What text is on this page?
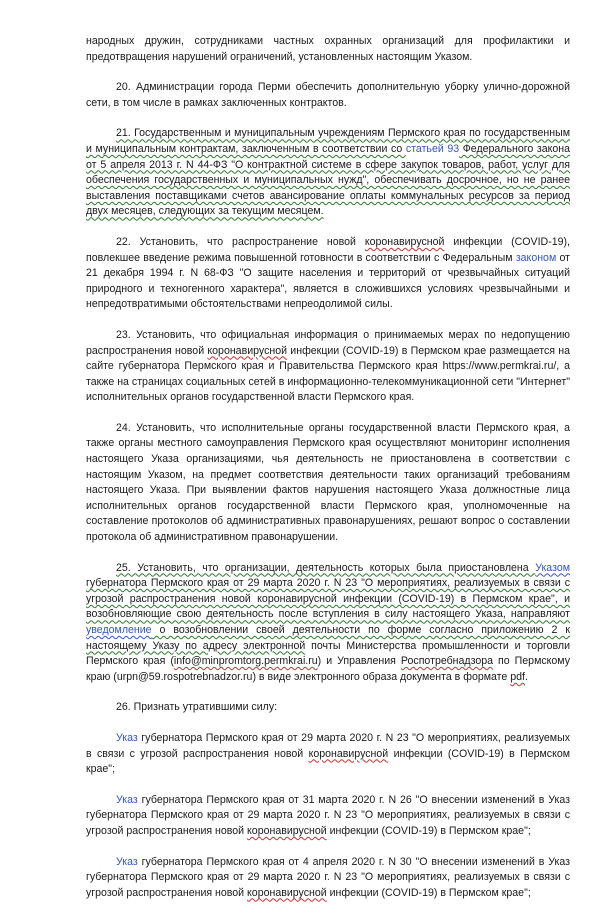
народных дружин, сотрудниками частных охранных организаций для профилактики и предотвращения нарушений ограничений, установленных настоящим Указом.

20. Администрации города Перми обеспечить дополнительную уборку улично-дорожной сети, в том числе в рамках заключенных контрактов.

21. Государственным и муниципальным учреждениям Пермского края по государственным и муниципальным контрактам, заключенным в соответствии со статьей 93 Федерального закона от 5 апреля 2013 г. N 44-ФЗ "О контрактной системе в сфере закупок товаров, работ, услуг для обеспечения государственных и муниципальных нужд", обеспечивать досрочное, но не ранее выставления поставщиками счетов авансирование оплаты коммунальных ресурсов за период двух месяцев, следующих за текущим месяцем.

22. Установить, что распространение новой коронавирусной инфекции (COVID-19), повлекшее введение режима повышенной готовности в соответствии с Федеральным законом от 21 декабря 1994 г. N 68-ФЗ "О защите населения и территорий от чрезвычайных ситуаций природного и техногенного характера", является в сложившихся условиях чрезвычайными и непредотвратимыми обстоятельствами непреодолимой силы.

23. Установить, что официальная информация о принимаемых мерах по недопущению распространения новой коронавирусной инфекции (COVID-19) в Пермском крае размещается на сайте губернатора Пермского края и Правительства Пермского края https://www.permkrai.ru/, а также на страницах социальных сетей в информационно-телекоммуникационной сети "Интернет" исполнительных органов государственной власти Пермского края.

24. Установить, что исполнительные органы государственной власти Пермского края, а также органы местного самоуправления Пермского края осуществляют мониторинг исполнения настоящего Указа организациями, чья деятельность не приостановлена в соответствии с настоящим Указом, на предмет соответствия деятельности таких организаций требованиям настоящего Указа. При выявлении фактов нарушения настоящего Указа должностные лица исполнительных органов государственной власти Пермского края, уполномоченные на составление протоколов об административных правонарушениях, решают вопрос о составлении протокола об административном правонарушении.

25. Установить, что организации, деятельность которых была приостановлена Указом губернатора Пермского края от 29 марта 2020 г. N 23 "О мероприятиях, реализуемых в связи с угрозой распространения новой коронавирусной инфекции (COVID-19) в Пермском крае", и возобновляющие свою деятельность после вступления в силу настоящего Указа, направляют уведомление о возобновлении своей деятельности по форме согласно приложению 2 к настоящему Указу по адресу электронной почты Министерства промышленности и торговли Пермского края (info@minpromtorg.permkrai.ru) и Управления Роспотребнадзора по Пермскому краю (urpn@59.rospotrebnadzor.ru) в виде электронного образа документа в формате pdf.

26. Признать утратившими силу:

Указ губернатора Пермского края от 29 марта 2020 г. N 23 "О мероприятиях, реализуемых в связи с угрозой распространения новой коронавирусной инфекции (COVID-19) в Пермском крае";

Указ губернатора Пермского края от 31 марта 2020 г. N 26 "О внесении изменений в Указ губернатора Пермского края от 29 марта 2020 г. N 23 "О мероприятиях, реализуемых в связи с угрозой распространения новой коронавирусной инфекции (COVID-19) в Пермском крае";

Указ губернатора Пермского края от 4 апреля 2020 г. N 30 "О внесении изменений в Указ губернатора Пермского края от 29 марта 2020 г. N 23 "О мероприятиях, реализуемых в связи с угрозой распространения новой коронавирусной инфекции (COVID-19) в Пермском крае";
